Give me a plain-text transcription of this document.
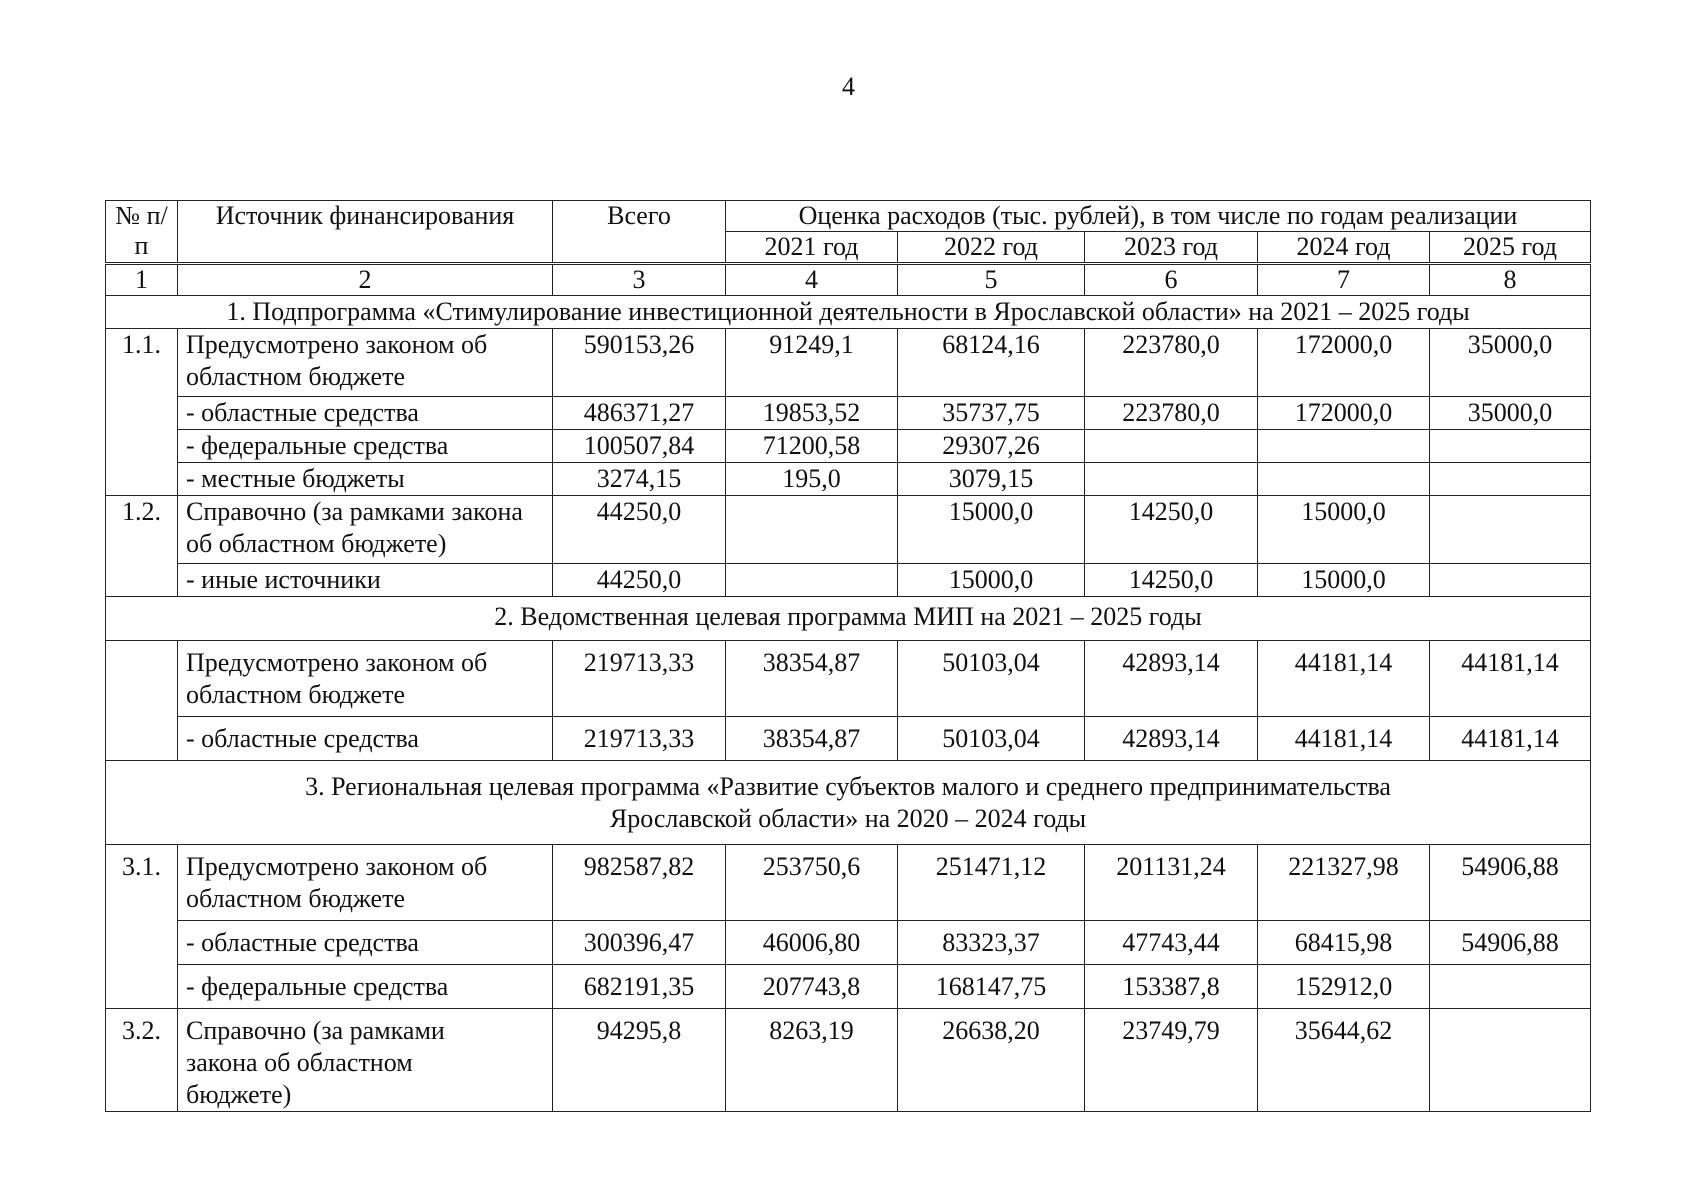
4
№ п/п	Источник финансирования	Всего	Оценка расходов (тыс. рублей), в том числе по годам реализации				
			2021 год	2022 год	2023 год	2024 год	2025 год
1	2	3	4	5	6	7	8
1. Подпрограмма «Стимулирование инвестиционной деятельности в Ярославской области» на 2021 – 2025 годы							
1.1.	Предусмотрено законом об областном бюджете	590153,26	91249,1	68124,16	223780,0	172000,0	35000,0
	- областные средства	486371,27	19853,52	35737,75	223780,0	172000,0	35000,0
	- федеральные средства	100507,84	71200,58	29307,26			
	- местные бюджеты	3274,15	195,0	3079,15			
1.2.	Справочно (за рамками закона об областном бюджете)	44250,0		15000,0	14250,0	15000,0	
	- иные источники	44250,0		15000,0	14250,0	15000,0	
2. Ведомственная целевая программа МИП на 2021 – 2025 годы							
	Предусмотрено законом об областном бюджете	219713,33	38354,87	50103,04	42893,14	44181,14	44181,14
	- областные средства	219713,33	38354,87	50103,04	42893,14	44181,14	44181,14

3. Региональная целевая программа «Развитие субъектов малого и среднего предпринимательства
Ярославской области» на 2020 – 2024 годы							

3.1.	Предусмотрено законом об областном бюджете	982587,82	253750,6	251471,12	201131,24	221327,98	54906,88
	- областные средства	300396,47	46006,80	83323,37	47743,44	68415,98	54906,88
	- федеральные средства	682191,35	207743,8	168147,75	153387,8	152912,0	
3.2.	Справочно (за рамками закона об областном бюджете)	94295,8	8263,19	26638,20	23749,79	35644,62	
